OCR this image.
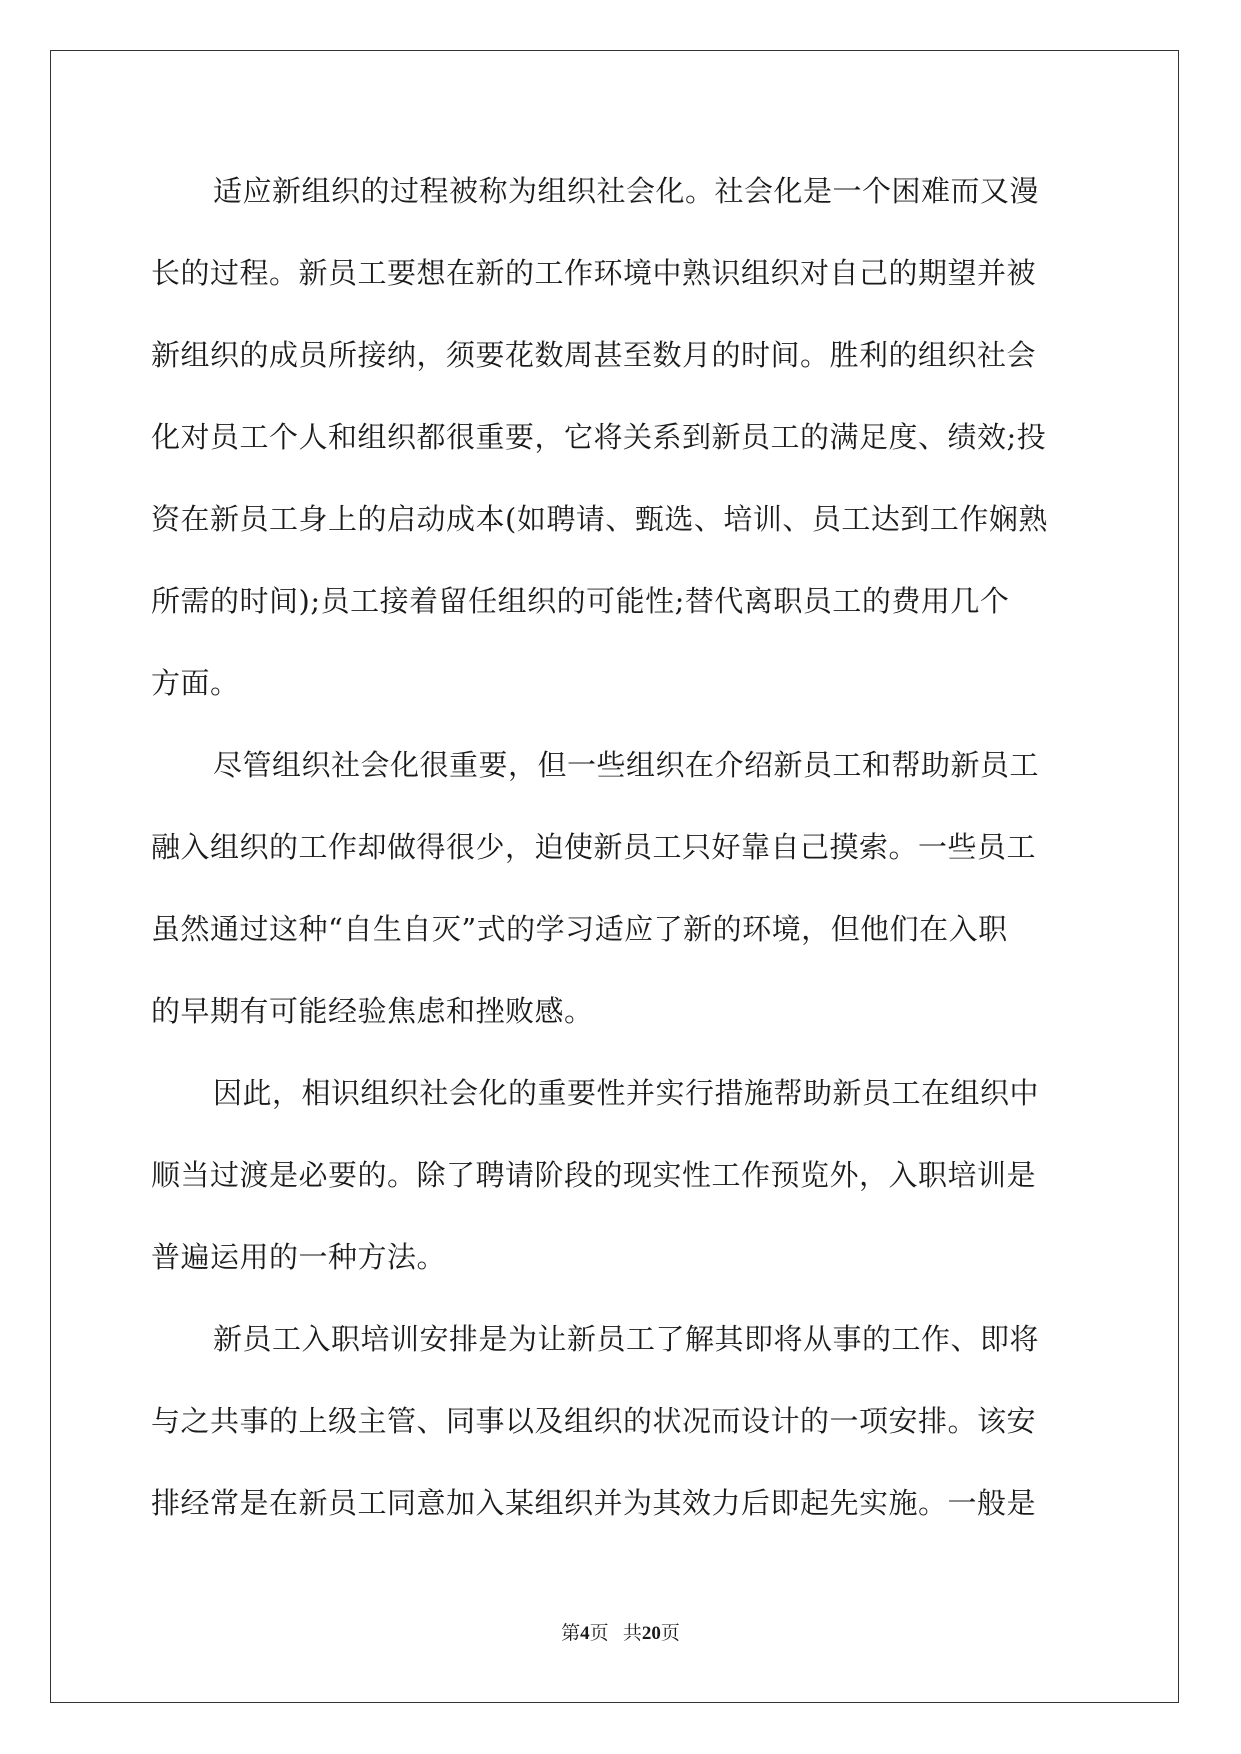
适应新组织的过程被称为组织社会化。社会化是一个困难而又漫
长的过程。新员工要想在新的工作环境中熟识组织对自己的期望并被
新组织的成员所接纳，须要花数周甚至数月的时间。胜利的组织社会
化对员工个人和组织都很重要，它将关系到新员工的满足度、绩效;投
资在新员工身上的启动成本(如聘请、甄选、培训、员工达到工作娴熟
所需的时间);员工接着留任组织的可能性;替代离职员工的费用几个
方面。
尽管组织社会化很重要，但一些组织在介绍新员工和帮助新员工
融入组织的工作却做得很少，迫使新员工只好靠自己摸索。一些员工
虽然通过这种“自生自灭”式的学习适应了新的环境，但他们在入职
的早期有可能经验焦虑和挫败感。
因此，相识组织社会化的重要性并实行措施帮助新员工在组织中
顺当过渡是必要的。除了聘请阶段的现实性工作预览外，入职培训是
普遍运用的一种方法。
新员工入职培训安排是为让新员工了解其即将从事的工作、即将
与之共事的上级主管、同事以及组织的状况而设计的一项安排。该安
排经常是在新员工同意加入某组织并为其效力后即起先实施。一般是
第4页 共20页
